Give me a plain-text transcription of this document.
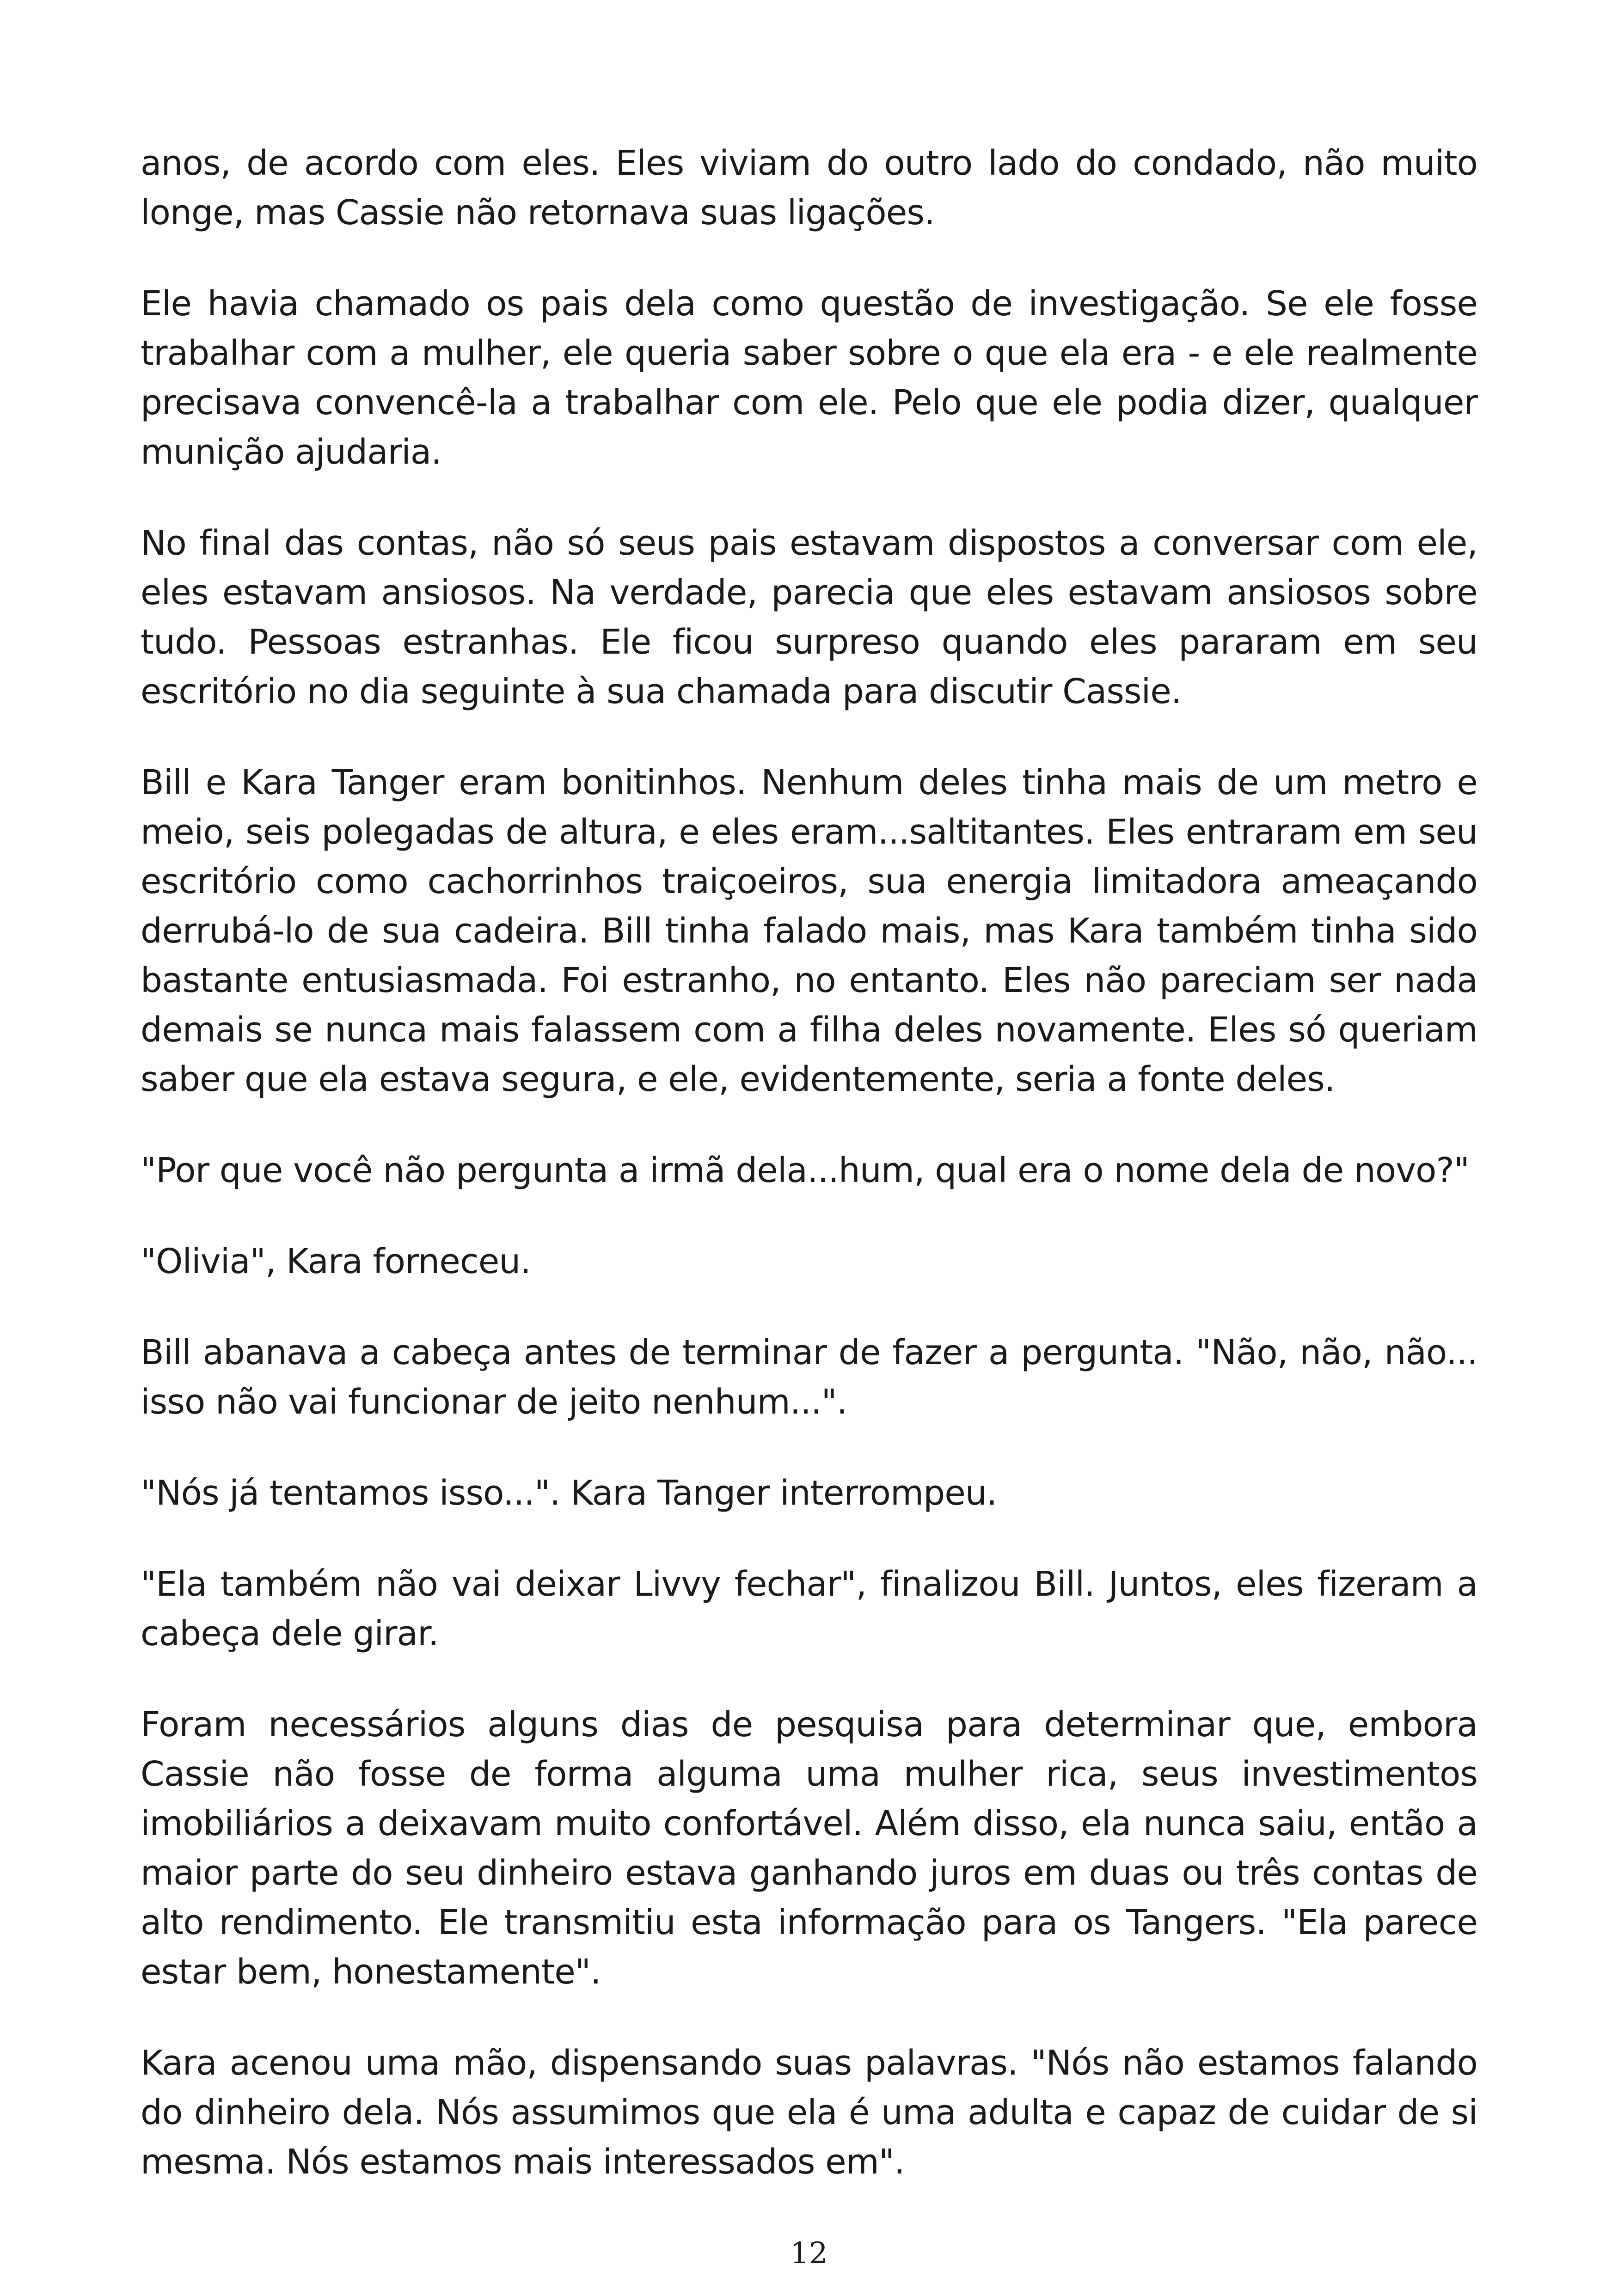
anos, de acordo com eles. Eles viviam do outro lado do condado, não muito longe, mas Cassie não retornava suas ligações.

Ele havia chamado os pais dela como questão de investigação. Se ele fosse trabalhar com a mulher, ele queria saber sobre o que ela era - e ele realmente precisava convencê-la a trabalhar com ele. Pelo que ele podia dizer, qualquer munição ajudaria.

No final das contas, não só seus pais estavam dispostos a conversar com ele, eles estavam ansiosos. Na verdade, parecia que eles estavam ansiosos sobre tudo. Pessoas estranhas. Ele ficou surpreso quando eles pararam em seu escritório no dia seguinte à sua chamada para discutir Cassie.

Bill e Kara Tanger eram bonitinhos. Nenhum deles tinha mais de um metro e meio, seis polegadas de altura, e eles eram...saltitantes. Eles entraram em seu escritório como cachorrinhos traiçoeiros, sua energia limitadora ameaçando derrubá-lo de sua cadeira. Bill tinha falado mais, mas Kara também tinha sido bastante entusiasmada. Foi estranho, no entanto. Eles não pareciam ser nada demais se nunca mais falassem com a filha deles novamente. Eles só queriam saber que ela estava segura, e ele, evidentemente, seria a fonte deles.

"Por que você não pergunta a irmã dela...hum, qual era o nome dela de novo?"

"Olivia", Kara forneceu.

Bill abanava a cabeça antes de terminar de fazer a pergunta. "Não, não, não... isso não vai funcionar de jeito nenhum...".

"Nós já tentamos isso...". Kara Tanger interrompeu.

"Ela também não vai deixar Livvy fechar", finalizou Bill. Juntos, eles fizeram a cabeça dele girar.

Foram necessários alguns dias de pesquisa para determinar que, embora Cassie não fosse de forma alguma uma mulher rica, seus investimentos imobiliários a deixavam muito confortável. Além disso, ela nunca saiu, então a maior parte do seu dinheiro estava ganhando juros em duas ou três contas de alto rendimento. Ele transmitiu esta informação para os Tangers. "Ela parece estar bem, honestamente".

Kara acenou uma mão, dispensando suas palavras. "Nós não estamos falando do dinheiro dela. Nós assumimos que ela é uma adulta e capaz de cuidar de si mesma. Nós estamos mais interessados em".

12
